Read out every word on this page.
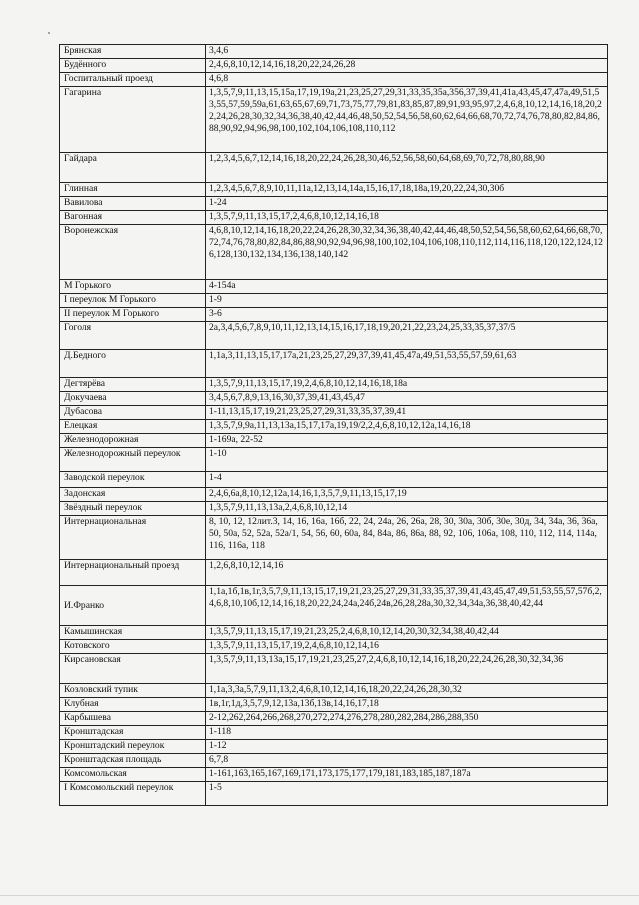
Брянская	3,4,6
Будённого	2,4,6,8,10,12,14,16,18,20,22,24,26,28
Госпитальный проезд	4,6,8
Гагарина	1,3,5,7,9,11,13,15,15а,17,19,19а,21,23,25,27,29,31,33,35,35а,356,37,39,41,41а,43,45,47,47а,49,51,53,55,57,59,59а,61,63,65,67,69,71,73,75,77,79,81,83,85,87,89,91,93,95,97,2,4,6,8,10,12,14,16,18,20,22,24,26,28,30,32,34,36,38,40,42,44,46,48,50,52,54,56,58,60,62,64,66,68,70,72,74,76,78,80,82,84,86,88,90,92,94,96,98,100,102,104,106,108,110,112
Гайдара	1,2,3,4,5,6,7,12,14,16,18,20,22,24,26,28,30,46,52,56,58,60,64,68,69,70,72,78,80,88,90
Глинная	1,2,3,4,5,6,7,8,9,10,11,11а,12,13,14,14а,15,16,17,18,18а,19,20,22,24,30,30б
Вавилова	1-24
Вагонная	1,3,5,7,9,11,13,15,17,2,4,6,8,10,12,14,16,18
Воронежская	4,6,8,10,12,14,16,18,20,22,24,26,28,30,32,34,36,38,40,42,44,46,48,50,52,54,56,58,60,62,64,66,68,70,72,74,76,78,80,82,84,86,88,90,92,94,96,98,100,102,104,106,108,110,112,114,116,118,120,122,124,126,128,130,132,134,136,138,140,142
М Горького	4-154а
I переулок М Горького	1-9
II переулок М Горького	3-6
Гоголя	2а,3,4,5,6,7,8,9,10,11,12,13,14,15,16,17,18,19,20,21,22,23,24,25,33,35,37,37/5
Д.Бедного	1,1а,3,11,13,15,17,17а,21,23,25,27,29,37,39,41,45,47а,49,51,53,55,57,59,61,63
Дегтярёва	1,3,5,7,9,11,13,15,17,19,2,4,6,8,10,12,14,16,18,18а
Докучаева	3,4,5,6,7,8,9,13,16,30,37,39,41,43,45,47
Дубасова	1-11,13,15,17,19,21,23,25,27,29,31,33,35,37,39,41
Елецкая	1,3,5,7,9,9а,11,13,13а,15,17,17а,19,19/2,2,4,6,8,10,12,12а,14,16,18
Железнодорожная	1-169а, 22-52
Железнодорожный переулок	1-10
Заводской переулок	1-4
Задонская	2,4,6,6а,8,10,12,12а,14,16,1,3,5,7,9,11,13,15,17,19
Звёздный переулок	1,3,5,7,9,11,13,13а,2,4,6,8,10,12,14
Интернациональная	8, 10, 12, 12лит.3, 14, 16, 16а, 16б, 22, 24, 24а, 26, 26а, 28, 30, 30а, 30б, 30е, 30д, 34, 34а, 36, 36а, 50, 50а, 52, 52а, 52а/1, 54, 56, 60, 60а, 84, 84а, 86, 86а, 88, 92, 106, 106а, 108, 110, 112, 114, 114а, 116, 116а, 118
Интернациональный проезд	1,2,6,8,10,12,14,16
И.Франко	1,1а,1б,1в,1г,3,5,7,9,11,13,15,17,19,21,23,25,27,29,31,33,35,37,39,41,43,45,47,49,51,53,55,57,57б,2,4,6,8,10,10б,12,14,16,18,20,22,24,24а,24б,24в,26,28,28а,30,32,34,34а,36,38,40,42,44
Камышинская	1,3,5,7,9,11,13,15,17,19,21,23,25,2,4,6,8,10,12,14,20,30,32,34,38,40,42,44
Котовского	1,3,5,7,9,11,13,15,17,19,2,4,6,8,10,12,14,16
Кирсановская	1,3,5,7,9,11,13,13а,15,17,19,21,23,25,27,2,4,6,8,10,12,14,16,18,20,22,24,26,28,30,32,34,36
Козловский тупик	1,1а,3,3а,5,7,9,11,13,2,4,6,8,10,12,14,16,18,20,22,24,26,28,30,32
Клубная	1в,1г,1д,3,5,7,9,12,13а,13б,13в,14,16,17,18
Карбышева	2-12,262,264,266,268,270,272,274,276,278,280,282,284,286,288,350
Кронштадская	1-118
Кронштадский переулок	1-12
Кронштадская площадь	6,7,8
Комсомольская	1-161,163,165,167,169,171,173,175,177,179,181,183,185,187,187а
I Комсомольский переулок	1-5
